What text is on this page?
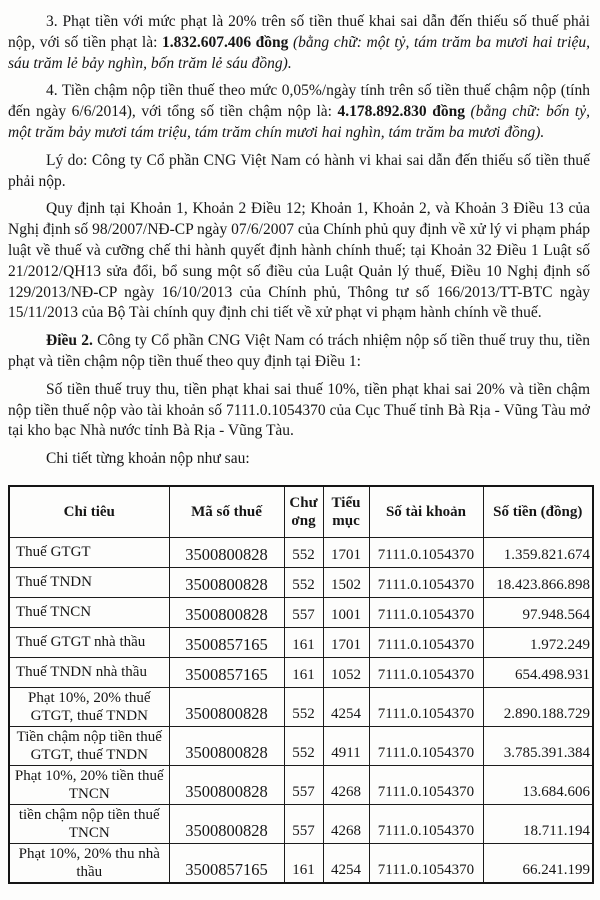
3. Phạt tiền với mức phạt là 20% trên số tiền thuế khai sai dẫn đến thiếu số thuế phải nộp, với số tiền phạt là: 1.832.607.406 đồng (bằng chữ: một tỷ, tám trăm ba mươi hai triệu, sáu trăm lẻ bảy nghìn, bốn trăm lẻ sáu đồng).

4. Tiền chậm nộp tiền thuế theo mức 0,05%/ngày tính trên số tiền thuế chậm nộp (tính đến ngày 6/6/2014), với tổng số tiền chậm nộp là: 4.178.892.830 đồng (bằng chữ: bốn tỷ, một trăm bảy mươi tám triệu, tám trăm chín mươi hai nghìn, tám trăm ba mươi đồng).

Lý do: Công ty Cổ phần CNG Việt Nam có hành vi khai sai dẫn đến thiếu số tiền thuế phải nộp.

Quy định tại Khoản 1, Khoản 2 Điều 12; Khoản 1, Khoản 2, và Khoản 3 Điều 13 của Nghị định số 98/2007/NĐ-CP ngày 07/6/2007 của Chính phủ quy định về xử lý vi phạm pháp luật về thuế và cưỡng chế thi hành quyết định hành chính thuế; tại Khoản 32 Điều 1 Luật số 21/2012/QH13 sửa đổi, bổ sung một số điều của Luật Quản lý thuế, Điều 10 Nghị định số 129/2013/NĐ-CP ngày 16/10/2013 của Chính phủ, Thông tư số 166/2013/TT-BTC ngày 15/11/2013 của Bộ Tài chính quy định chi tiết về xử phạt vi phạm hành chính về thuế.

Điều 2. Công ty Cổ phần CNG Việt Nam có trách nhiệm nộp số tiền thuế truy thu, tiền phạt và tiền chậm nộp tiền thuế theo quy định tại Điều 1:

Số tiền thuế truy thu, tiền phạt khai sai thuế 10%, tiền phạt khai sai 20% và tiền chậm nộp tiền thuế nộp vào tài khoản số 7111.0.1054370 của Cục Thuế tỉnh Bà Rịa - Vũng Tàu mở tại kho bạc Nhà nước tỉnh Bà Rịa - Vũng Tàu.

Chi tiết từng khoản nộp như sau:

Chỉ tiêu	Mã số thuế	Chương	Tiểu mục	Số tài khoản	Số tiền (đồng)
Thuế GTGT	3500800828	552	1701	7111.0.1054370	1.359.821.674
Thuế TNDN	3500800828	552	1502	7111.0.1054370	18.423.866.898
Thuế TNCN	3500800828	557	1001	7111.0.1054370	97.948.564
Thuế GTGT nhà thầu	3500857165	161	1701	7111.0.1054370	1.972.249
Thuế TNDN nhà thầu	3500857165	161	1052	7111.0.1054370	654.498.931
Phạt 10%, 20% thuế GTGT, thuế TNDN	3500800828	552	4254	7111.0.1054370	2.890.188.729
Tiền chậm nộp tiền thuế GTGT, thuế TNDN	3500800828	552	4911	7111.0.1054370	3.785.391.384
Phạt 10%, 20% tiền thuế TNCN	3500800828	557	4268	7111.0.1054370	13.684.606
tiền chậm nộp tiền thuế TNCN	3500800828	557	4268	7111.0.1054370	18.711.194
Phạt 10%, 20% thu nhà thầu	3500857165	161	4254	7111.0.1054370	66.241.199
